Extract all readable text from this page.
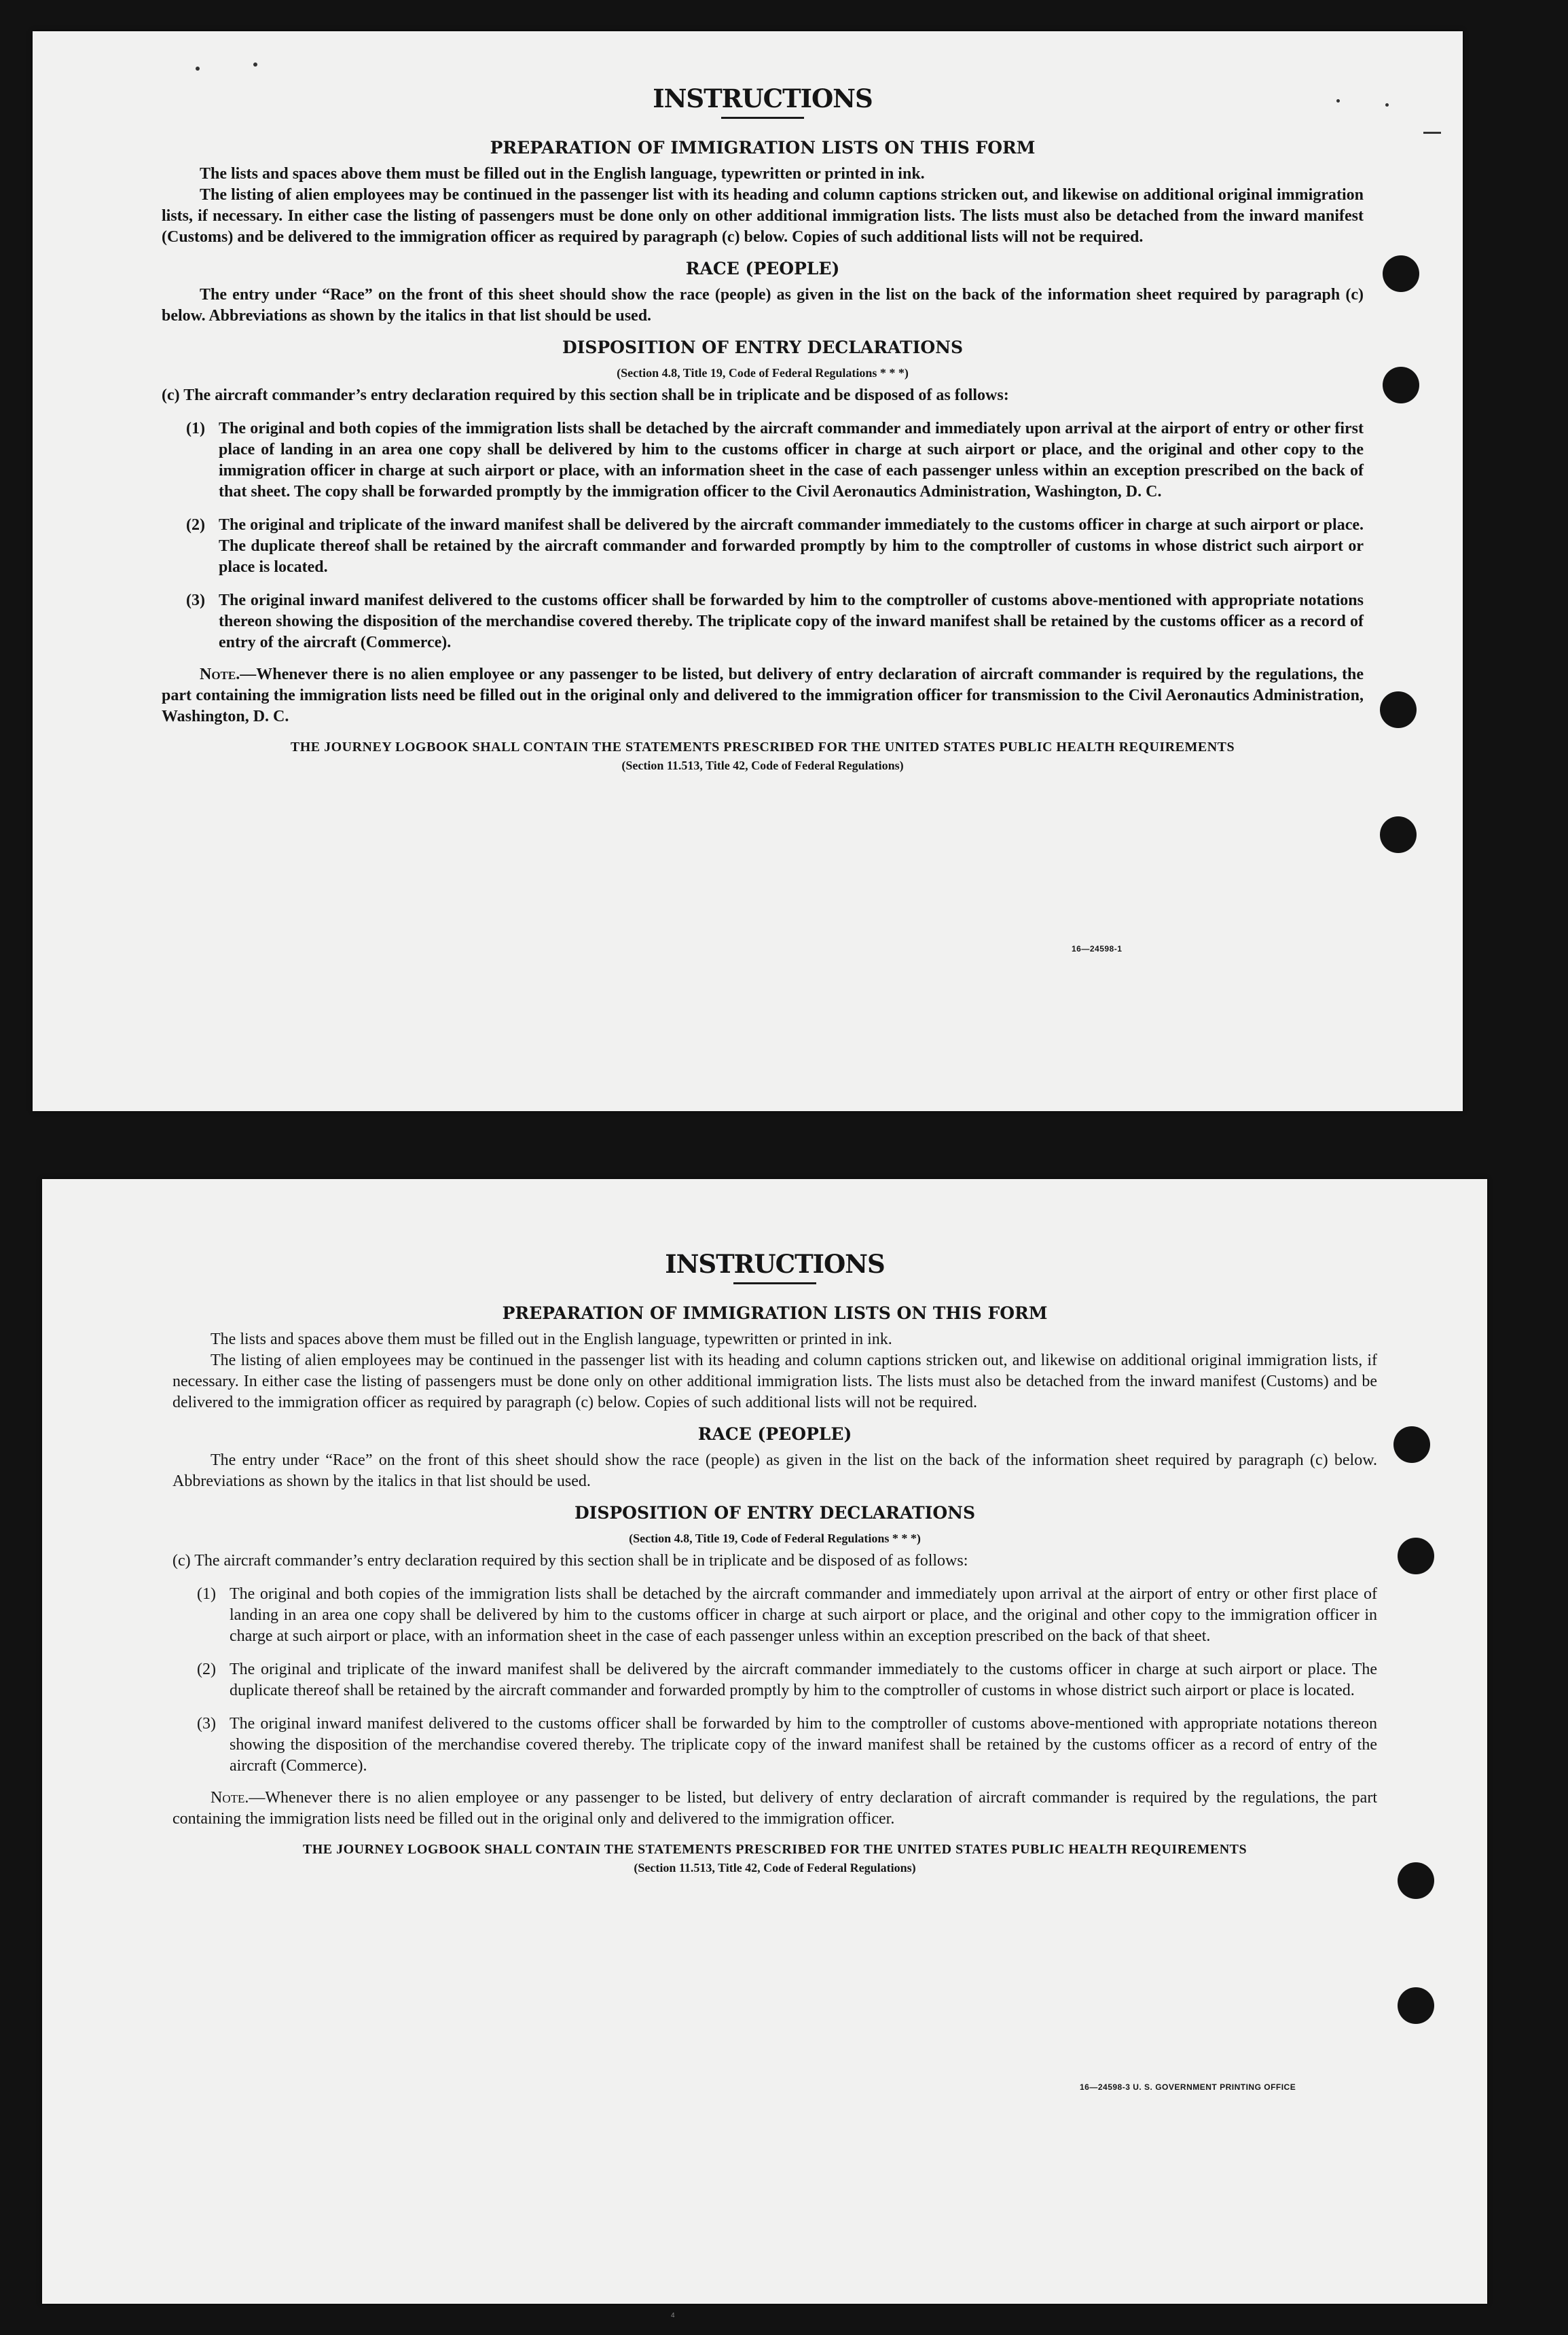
INSTRUCTIONS
PREPARATION OF IMMIGRATION LISTS ON THIS FORM

The lists and spaces above them must be filled out in the English language, typewritten or printed in ink.

The listing of alien employees may be continued in the passenger list with its heading and column captions stricken out, and likewise on additional original immigration lists, if necessary. In either case the listing of passengers must be done only on other additional immigration lists. The lists must also be detached from the inward manifest (Customs) and be delivered to the immigration officer as required by paragraph (c) below. Copies of such additional lists will not be required.

RACE (PEOPLE)

The entry under “Race” on the front of this sheet should show the race (people) as given in the list on the back of the information sheet required by paragraph (c) below. Abbreviations as shown by the italics in that list should be used.

DISPOSITION OF ENTRY DECLARATIONS
(Section 4.8, Title 19, Code of Federal Regulations * * *)

(c) The aircraft commander’s entry declaration required by this section shall be in triplicate and be disposed of as follows:

(1) The original and both copies of the immigration lists shall be detached by the aircraft commander and immediately upon arrival at the airport of entry or other first place of landing in an area one copy shall be delivered by him to the customs officer in charge at such airport or place, and the original and other copy to the immigration officer in charge at such airport or place, with an information sheet in the case of each passenger unless within an exception prescribed on the back of that sheet. The copy shall be forwarded promptly by the immigration officer to the Civil Aeronautics Administration, Washington, D. C.

(2) The original and triplicate of the inward manifest shall be delivered by the aircraft commander immediately to the customs officer in charge at such airport or place. The duplicate thereof shall be retained by the aircraft commander and forwarded promptly by him to the comptroller of customs in whose district such airport or place is located.

(3) The original inward manifest delivered to the customs officer shall be forwarded by him to the comptroller of customs above-mentioned with appropriate notations thereon showing the disposition of the merchandise covered thereby. The triplicate copy of the inward manifest shall be retained by the customs officer as a record of entry of the aircraft (Commerce).

Note.—Whenever there is no alien employee or any passenger to be listed, but delivery of entry declaration of aircraft commander is required by the regulations, the part containing the immigration lists need be filled out in the original only and delivered to the immigration officer for transmission to the Civil Aeronautics Administration, Washington, D. C.

THE JOURNEY LOGBOOK SHALL CONTAIN THE STATEMENTS PRESCRIBED FOR THE UNITED STATES PUBLIC HEALTH REQUIREMENTS
(Section 11.513, Title 42, Code of Federal Regulations)
16—24598-1
INSTRUCTIONS
PREPARATION OF IMMIGRATION LISTS ON THIS FORM

The lists and spaces above them must be filled out in the English language, typewritten or printed in ink.

The listing of alien employees may be continued in the passenger list with its heading and column captions stricken out, and likewise on additional original immigration lists, if necessary. In either case the listing of passengers must be done only on other additional immigration lists. The lists must also be detached from the inward manifest (Customs) and be delivered to the immigration officer as required by paragraph (c) below. Copies of such additional lists will not be required.

RACE (PEOPLE)

The entry under “Race” on the front of this sheet should show the race (people) as given in the list on the back of the information sheet required by paragraph (c) below. Abbreviations as shown by the italics in that list should be used.

DISPOSITION OF ENTRY DECLARATIONS
(Section 4.8, Title 19, Code of Federal Regulations * * *)

(c) The aircraft commander’s entry declaration required by this section shall be in triplicate and be disposed of as follows:

(1) The original and both copies of the immigration lists shall be detached by the aircraft commander and immediately upon arrival at the airport of entry or other first place of landing in an area one copy shall be delivered by him to the customs officer in charge at such airport or place, and the original and other copy to the immigration officer in charge at such airport or place, with an information sheet in the case of each passenger unless within an exception prescribed on the back of that sheet.

(2) The original and triplicate of the inward manifest shall be delivered by the aircraft commander immediately to the customs officer in charge at such airport or place. The duplicate thereof shall be retained by the aircraft commander and forwarded promptly by him to the comptroller of customs in whose district such airport or place is located.

(3) The original inward manifest delivered to the customs officer shall be forwarded by him to the comptroller of customs above-mentioned with appropriate notations thereon showing the disposition of the merchandise covered thereby. The triplicate copy of the inward manifest shall be retained by the customs officer as a record of entry of the aircraft (Commerce).

Note.—Whenever there is no alien employee or any passenger to be listed, but delivery of entry declaration of aircraft commander is required by the regulations, the part containing the immigration lists need be filled out in the original only and delivered to the immigration officer.

THE JOURNEY LOGBOOK SHALL CONTAIN THE STATEMENTS PRESCRIBED FOR THE UNITED STATES PUBLIC HEALTH REQUIREMENTS
(Section 11.513, Title 42, Code of Federal Regulations)
16—24598-3 U. S. GOVERNMENT PRINTING OFFICE
4
